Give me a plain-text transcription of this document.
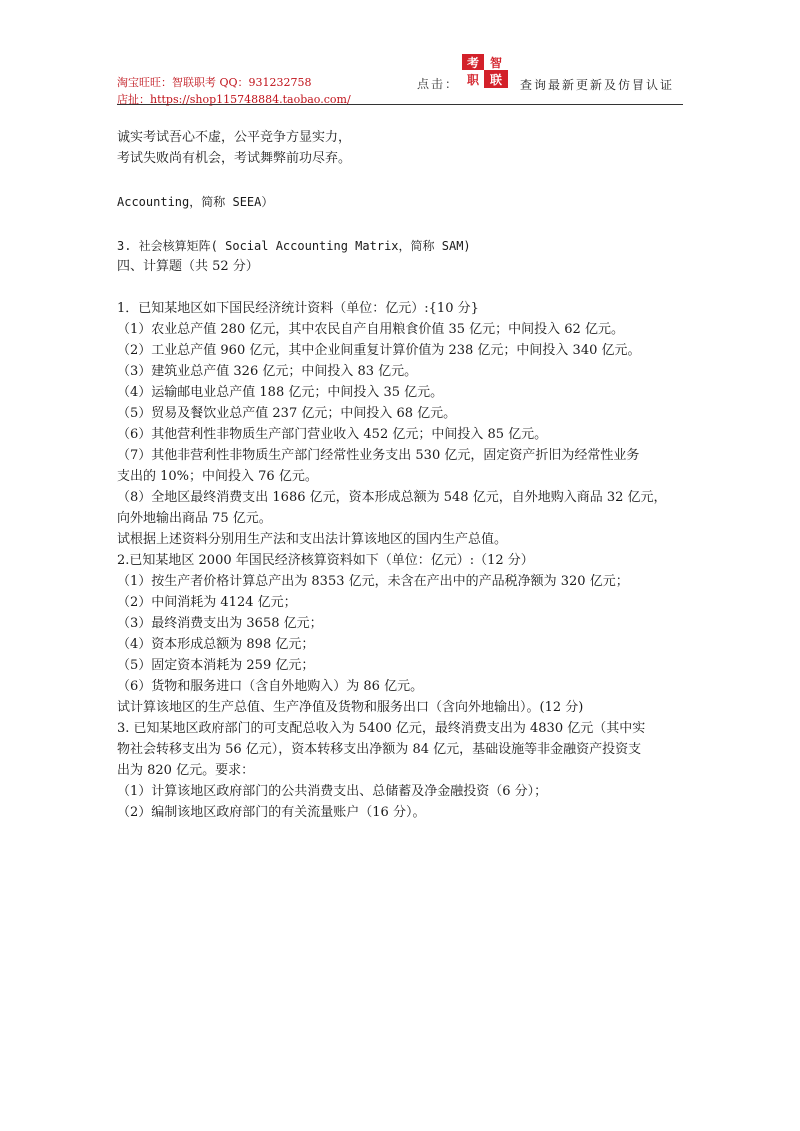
淘宝旺旺：智联职考 QQ：931232758
店扯：https://shop115748884.taobao.com/
点击：
考 智
职 联 查询最新更新及仿冒认证
诚实考试吾心不虚，公平竞争方显实力，
考试失败尚有机会，考试舞弊前功尽弃。
Accounting，简称 SEEA）
3. 社会核算矩阵( Social Accounting Matrix，简称 SAM)
四、计算题（共 52 分）
1．已知某地区如下国民经济统计资料（单位：亿元）:{10 分}
（1）农业总产值 280 亿元，其中农民自产自用粮食价值 35 亿元；中间投入 62 亿元。
（2）工业总产值 960 亿元，其中企业间重复计算价值为 238 亿元；中间投入 340 亿元。
（3）建筑业总产值 326 亿元；中间投入 83 亿元。
（4）运输邮电业总产值 188 亿元；中间投入 35 亿元。
（5）贸易及餐饮业总产值 237 亿元；中间投入 68 亿元。
（6）其他营利性非物质生产部门营业收入 452 亿元；中间投入 85 亿元。
（7）其他非营利性非物质生产部门经常性业务支出 530 亿元，固定资产折旧为经常性业务
支出的 10%；中间投入 76 亿元。
（8）全地区最终消费支出 1686 亿元，资本形成总额为 548 亿元，自外地购入商品 32 亿元，
向外地输出商品 75 亿元。
试根据上述资料分别用生产法和支出法计算该地区的国内生产总值。
2.已知某地区 2000 年国民经济核算资料如下（单位：亿元）:（12 分）
（1）按生产者价格计算总产出为 8353 亿元，未含在产出中的产品税净额为 320 亿元；
（2）中间消耗为 4124 亿元；
（3）最终消费支出为 3658 亿元；
（4）资本形成总额为 898 亿元；
（5）固定资本消耗为 259 亿元；
（6）货物和服务进口（含自外地购入）为 86 亿元。
试计算该地区的生产总值、生产净值及货物和服务出口（含向外地输出）。(12 分)
3. 已知某地区政府部门的可支配总收入为 5400 亿元，最终消费支出为 4830 亿元（其中实
物社会转移支出为 56 亿元），资本转移支出净额为 84 亿元，基础设施等非金融资产投资支
出为 820 亿元。要求：
（1）计算该地区政府部门的公共消费支出、总储蓄及净金融投资（6 分）；
（2）编制该地区政府部门的有关流量账户（16 分）。
